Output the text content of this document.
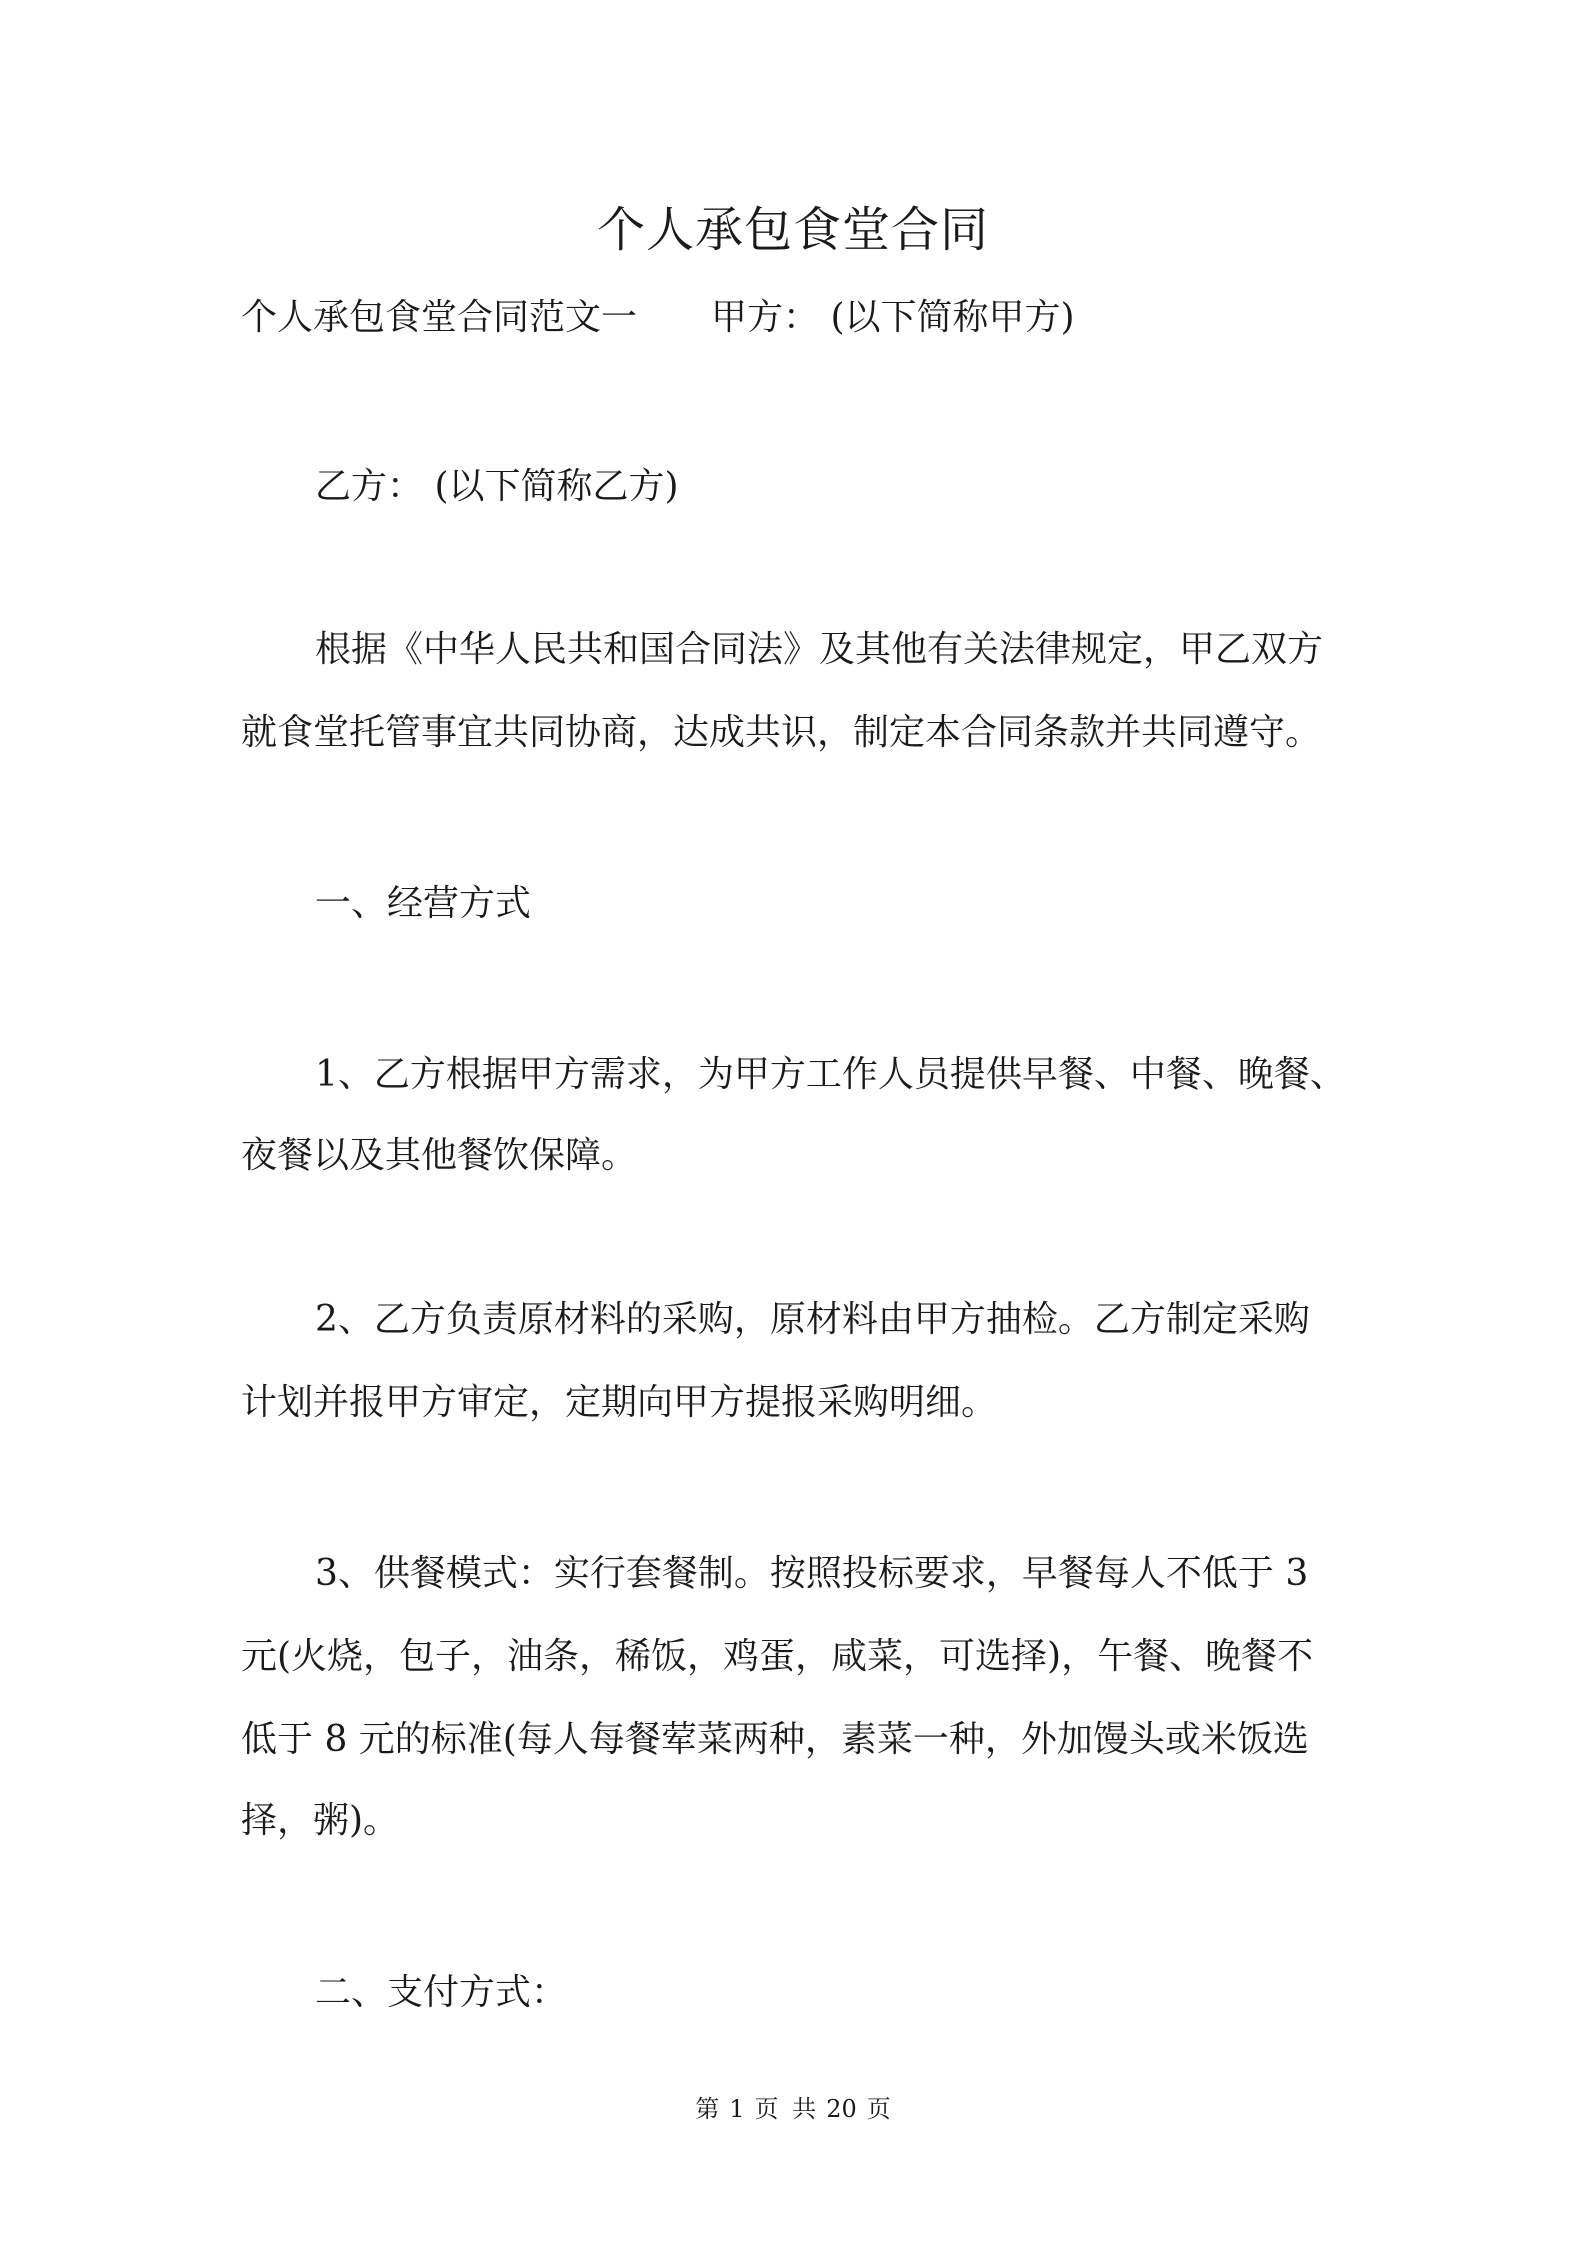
个人承包食堂合同
个人承包食堂合同范文一 甲方： (以下简称甲方)
乙方： (以下简称乙方)
根据《中华人民共和国合同法》及其他有关法律规定，甲乙双方
就食堂托管事宜共同协商，达成共识，制定本合同条款并共同遵守。
一、经营方式
1、乙方根据甲方需求，为甲方工作人员提供早餐、中餐、晚餐、
夜餐以及其他餐饮保障。
2、乙方负责原材料的采购，原材料由甲方抽检。乙方制定采购
计划并报甲方审定，定期向甲方提报采购明细。
3、供餐模式：实行套餐制。按照投标要求，早餐每人不低于 3
元(火烧，包子，油条，稀饭，鸡蛋，咸菜，可选择)，午餐、晚餐不
低于 8 元的标准(每人每餐荤菜两种，素菜一种，外加馒头或米饭选
择，粥)。
二、支付方式：
第 1 页 共 20 页
